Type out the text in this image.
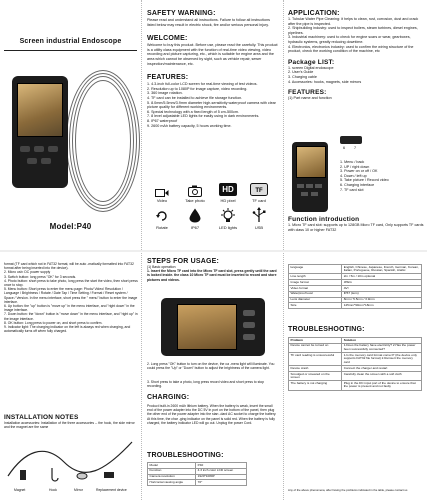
Screen industrial Endoscope
Model:P40
SAFETY WARNING:
Please read and understand all instructions. Failure to follow all instructions listed below may result in electric shock, fire and/or serious personal injury.
WELCOME:
Welcome to buy this product. Before use, please read the carefully. This product is a utility class equipment with the function of real-time video viewing, video recording and picture capturing, etc., which is suitable for engine area and the area which cannot be observed by sight, such as vehicle repair, sewer inspection/maintenance, etc.
FEATURES:
1. 4.3-inch full-color LCD screen for real-time viewing of test videos.
2. Resolution up to 1080P for image capture, video recording.
3. 360 image rotation.
4. TF card can be installed to achieve file storage function.
5. 8.0mm/5.5mm/3.9mm diameter high-sensitivity waterproof camera with clear picture quality for different working environments.
6. Special technology with a fixed length of 5 cm-500cm.
7. 8 level adjustable LED lights for easily using in dark environments.
8. IP67 waterproof
9. 2600 mAh battery capacity, 5 hours working time.
Video	Take photo
HD
HD pixel
TF
TF card
Rotate	IP67	LED lights	USB
APPLICATION:
1. Tubular Water Pipe Cleaning: it helps to clean, rust, corrosion, dust and crack after the pipe is inspected.
2. Shipbuilding industry: used to inspect boilers, steam turbines, diesel engines, pipelines.
3. Industrial machinery: used to check for engine scars or wear, gearboxes, hydraulic systems, greatly reducing downtime.
4. Electronics, electronics industry: used to confirm the wiring structure of the product, check the working condition of the machine, etc
Package LIST:
1. screen Digital endoscope
2. User's Guide
3. Charging cable
4. Accessories: hooks, magnets, side mirrors
FEATURES:
(1) Part name and function
6 7
1. Menu / back
2. UP / right down
3. Power on or off / OK
4. Down / left up
5. Take picture / Record video
6. Charging interface
7. TF card slot
Function introduction
1. Micro TF card slot: supports up to 128GB Micro TF card, Only supports TF cards with class 10 or higher FAT32
format (TF card which not in FAT32 format, will be auto -matically formatted into FAT32 format after being inserted into the device).
2. Micro usb: DC power supply
3. Switch button: long press "OK" for 3 seconds.
4. Photo button: short press to take photo, long press the start the video, then short press once to stop.
5. Menu button: Short press to enter the menu page: Photo/ Video/ Resolution / Language / Brightness / Rotate / Date Tap / Time Setting / Format / Reset system / Space / Version. In the menu interface, short press the " menu" button to enter the image interface.
6. Up button: the "up" button is "move up" in the menu interface, and "right down" in the image interface.
7. Down button: the "down" button is "move down" in the menu interface, and "right up" in the image interface.
8. OK button: Long press to power on, and short press to confirm.
9. Indicator light: The charging indicator on the left is always red when charging, and automatically turns off when fully charged.
INSTALLATION NOTES
Installation accessories: Installation of the three accessories -- the hook, the side mirror and the magnet are the same
Magnet	Hook	Mirror	Replacement device
STEPS FOR USAGE:
(1) Basic operation
1. Insert the Micro TF card into the Micro TF card slot, press gently until the card is locked inside. the class 10 Micro TF card must be inserted to record and store pictures and videos.
2. Long press "OK" button to turn on the device, the ca -mera light will illuminate. You could press the "Up" or "Down" button to adjust the brightness of the camera light.
3. Short press to take a photo, long press record video and short press to stop recording.
CHARGING:
Product built-in 2600 mAh lithium battery. When the battery is weak, insert the small end of the power adapter into the DC 5V in port on the bottom of the panel, then plug the other end of the power adapter into the stan -dard AC socket to charge the battery. At this time, the char -ging indicator on the panel is solid red. When the battery is fully charged, the battery indicator LED will go out. Unplug the power Cord.
TROUBLESHOOTING:
Model	P40
Function	4.3 inch color LCD screen
Camera resolution	1920*1080P
Horizontal viewing angle	70°
language	English, Chinese, Japanese, French, German, Korean, Italian, Portuguese, Russian, Spanish, Arabic
Line length	2m / 5m / 10m optional
Image format	JPEG
Video format	AVI
Waterproof level	IP67 (lens)
Lens diameter	8mm / 5.5mm / 3.9mm
Size	145mm*90mm*18mm
TROUBLESHOOTING:
Problem	Solution
Device cannot be turned on	1.Does the battery have electricity? 2.Has the power been successfully connected?
TF card reading is unsuccessful	1.Is the memory card format correct? (the device only supports FAT32 file format) 2.Reinsert the memory card
Device crash	Connect the charger and restart
Smudged or smeared on the screen	Carefully clean the screen with a soft cloth
The battery is not charging	Plug in the DC input port of the device to ensure that the power is present and not faulty
Any of the above phenomena, after having the problems indicated in the table, please contact us
